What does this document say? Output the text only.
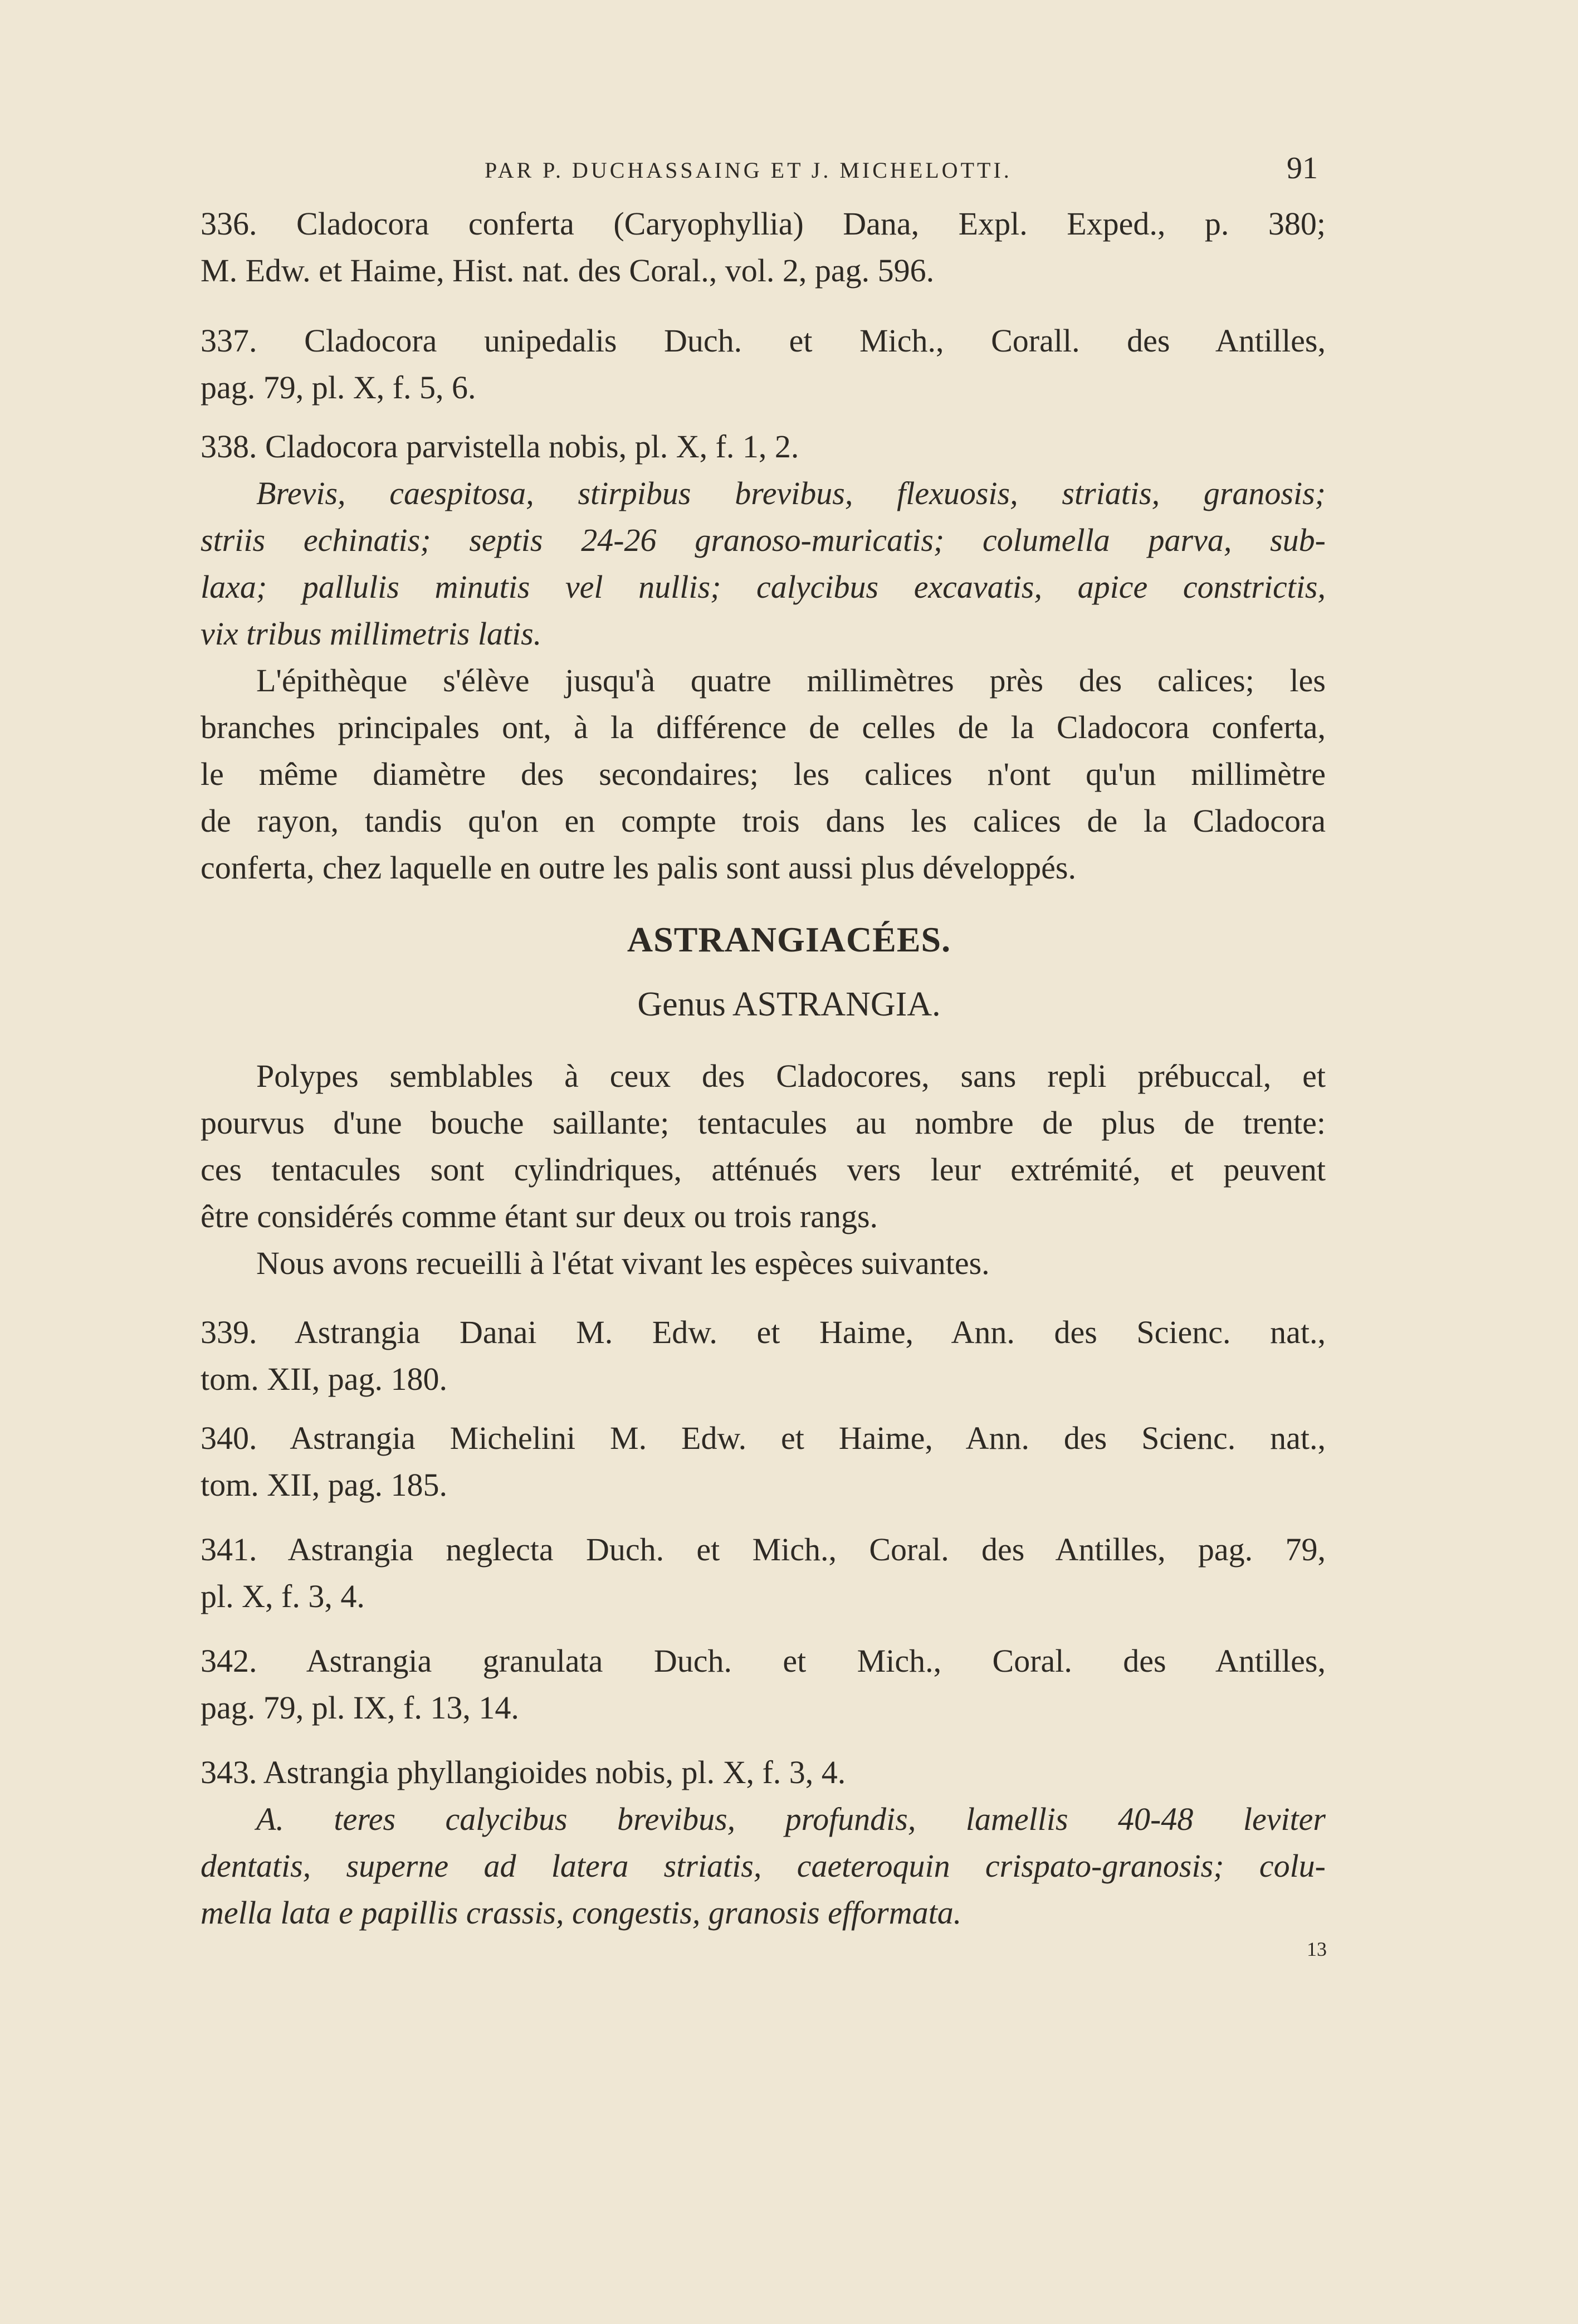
PAR P. DUCHASSAING ET J. MICHELOTTI.	91
336. Cladocora conferta (Caryophyllia) Dana, Expl. Exped., p. 380;
M. Edw. et Haime, Hist. nat. des Coral., vol. 2, pag. 596.
337. Cladocora unipedalis Duch. et Mich., Corall. des Antilles,
pag. 79, pl. X, f. 5, 6.
338. Cladocora parvistella nobis, pl. X, f. 1, 2.
Brevis, caespitosa, stirpibus brevibus, flexuosis, striatis, granosis;
striis echinatis; septis 24-26 granoso-muricatis; columella parva, sub-
laxa; pallulis minutis vel nullis; calycibus excavatis, apice constrictis,
vix tribus millimetris latis.
L'épithèque s'élève jusqu'à quatre millimètres près des calices; les
branches principales ont, à la différence de celles de la Cladocora conferta,
le même diamètre des secondaires; les calices n'ont qu'un millimètre
de rayon, tandis qu'on en compte trois dans les calices de la Cladocora
conferta, chez laquelle en outre les palis sont aussi plus développés.
ASTRANGIACÉES.
Genus ASTRANGIA.
Polypes semblables à ceux des Cladocores, sans repli prébuccal, et
pourvus d'une bouche saillante; tentacules au nombre de plus de trente:
ces tentacules sont cylindriques, atténués vers leur extrémité, et peuvent
être considérés comme étant sur deux ou trois rangs.
Nous avons recueilli à l'état vivant les espèces suivantes.
339. Astrangia Danai M. Edw. et Haime, Ann. des Scienc. nat.,
tom. XII, pag. 180.
340. Astrangia Michelini M. Edw. et Haime, Ann. des Scienc. nat.,
tom. XII, pag. 185.
341. Astrangia neglecta Duch. et Mich., Coral. des Antilles, pag. 79,
pl. X, f. 3, 4.
342. Astrangia granulata Duch. et Mich., Coral. des Antilles,
pag. 79, pl. IX, f. 13, 14.
343. Astrangia phyllangioides nobis, pl. X, f. 3, 4.
A. teres calycibus brevibus, profundis, lamellis 40-48 leviter
dentatis, superne ad latera striatis, caeteroquin crispato-granosis; colu-
mella lata e papillis crassis, congestis, granosis efformata.
13
